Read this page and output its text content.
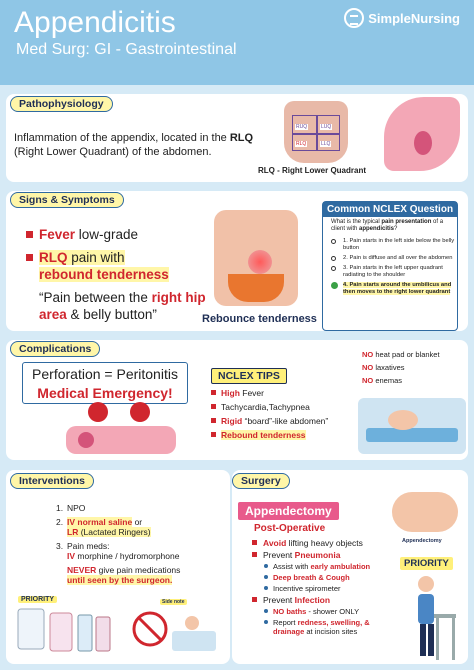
Appendicitis
Med Surg: GI - Gastrointestinal
SimpleNursing
Pathophysiology
Inflammation of the appendix, located in the RLQ (Right Lower Quadrant) of the abdomen.
RUQ	LUQ
RLQ	LLQ
RLQ - Right Lower Quadrant
Signs & Symptoms
Fever low-grade
RLQ pain with
rebound tenderness
“Pain between the right hip area & belly button”	Rebounce tenderness
Common NCLEX Question
What is the typical pain presentation of a client with appendicitis?
1. Pain starts in the left side below the belly button
2. Pain is diffuse and all over the abdomen
3. Pain starts in the left upper quadrant radiating to the shoulder
4. Pain starts around the umbilicus and then moves to the right lower quadrant
Complications
Perforation = Peritonitis
Medical Emergency!
NCLEX TIPS
High Fever
Tachycardia,Tachypnea
Rigid “board”-like abdomen”
Rebound tenderness
NO heat pad or blanket
NO laxatives
NO enemas
Interventions
1. NPO
2. IV normal saline or
LR (Lactated Ringers)
3. Pain meds:
IV morphine / hydromorphone
NEVER give pain medications
until seen by the surgeon.
PRIORITY	Side note
Surgery
Appendectomy
Post-Operative
Avoid lifting heavy objects
Prevent Pneumonia
Assist with early ambulation
Deep breath & Cough
Incentive spirometer
Prevent Infection
NO baths - shower ONLY
Report redness, swelling, & drainage at incision sites
Appendectomy
PRIORITY
